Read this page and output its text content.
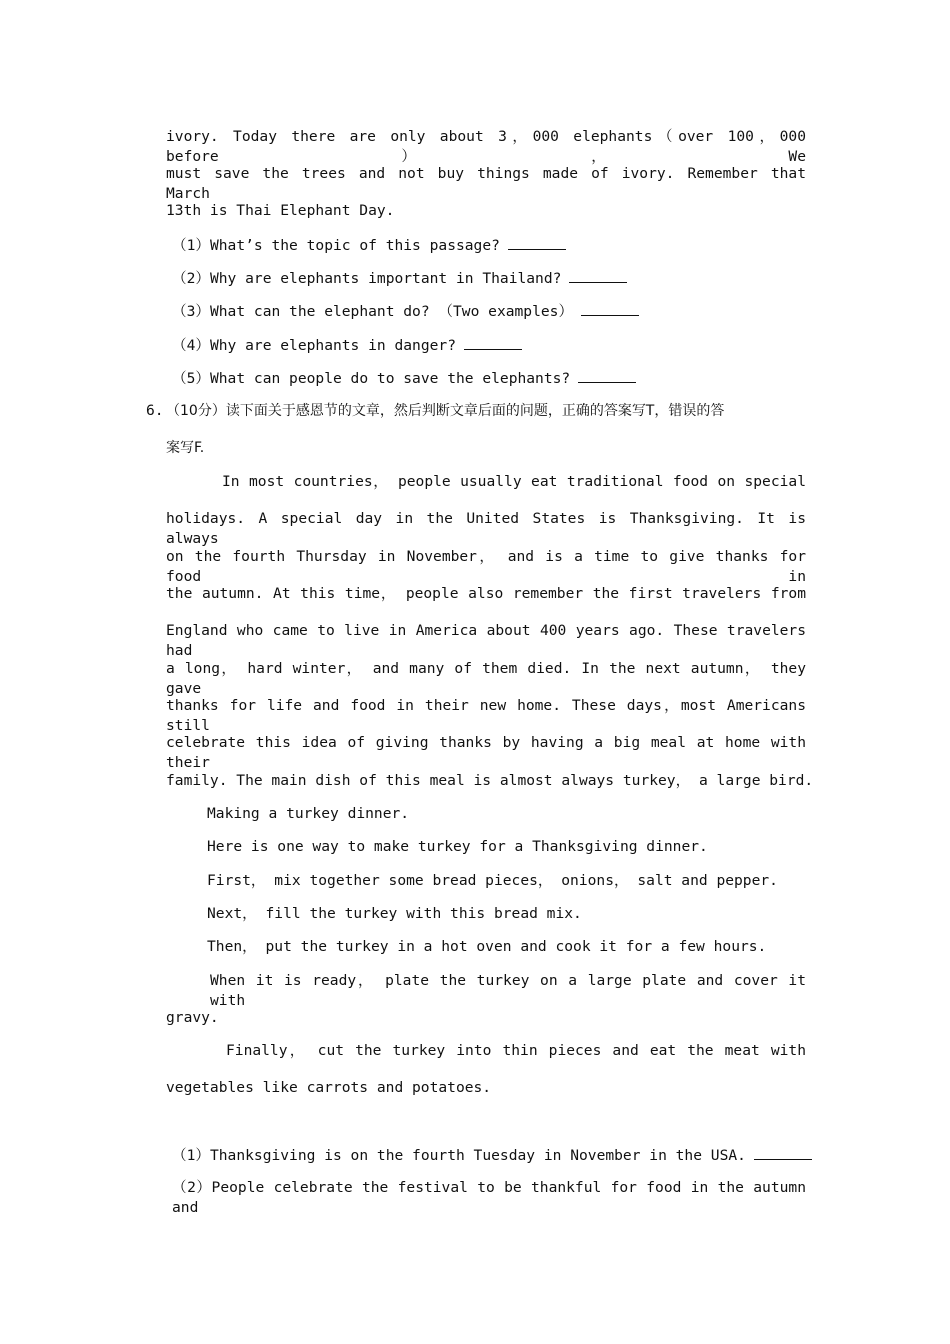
ivory. Today there are only about 3，000 elephants（over 100，000 before），We
must save the trees and not buy things made of ivory. Remember that March
13th is Thai Elephant Day.
（1）What’s the topic of this passage?
（2）Why are elephants important in Thailand?
（3）What can the elephant do? （Two examples）
（4）Why are elephants in danger?
（5）What can people do to save the elephants?
6. （10分）读下面关于感恩节的文章，然后判断文章后面的问题，正确的答案写T，错误的答
案写F.
In most countries， people usually eat traditional food on special
holidays. A special day in the United States is Thanksgiving. It is always
on the fourth Thursday in November， and is a time to give thanks for food in
the autumn. At this time， people also remember the first travelers from
England who came to live in America about 400 years ago. These travelers had
a long， hard winter， and many of them died. In the next autumn， they gave
thanks for life and food in their new home. These days，most Americans still
celebrate this idea of giving thanks by having a big meal at home with their
family. The main dish of this meal is almost always turkey， a large bird.
Making a turkey dinner.
Here is one way to make turkey for a Thanksgiving dinner.
First， mix together some bread pieces， onions， salt and pepper.
Next， fill the turkey with this bread mix.
Then， put the turkey in a hot oven and cook it for a few hours.
When it is ready， plate the turkey on a large plate and cover it with
gravy.
Finally， cut the turkey into thin pieces and eat the meat with
vegetables like carrots and potatoes.
（1）Thanksgiving is on the fourth Tuesday in November in the USA.
（2）People celebrate the festival to be thankful for food in the autumn and
